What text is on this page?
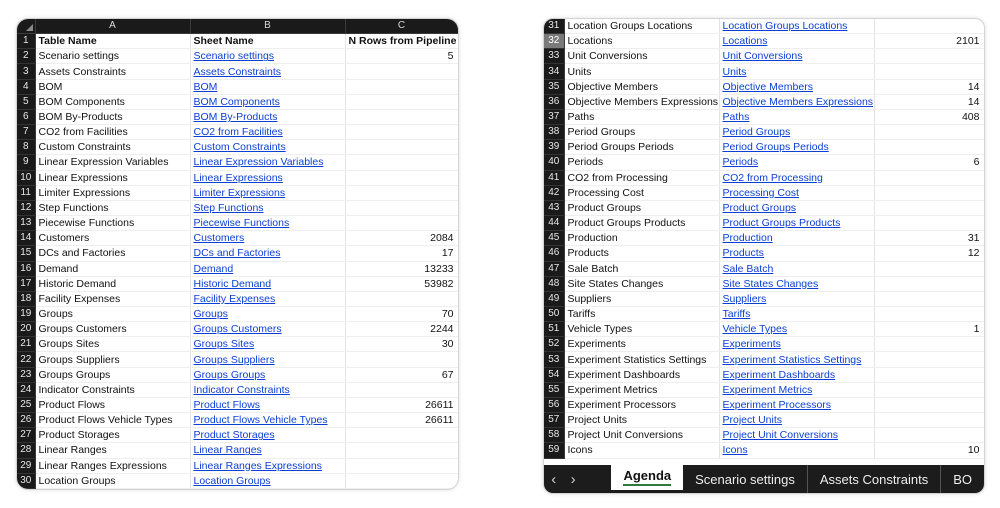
	A	B	C
1	Table Name	Sheet Name	N Rows from Pipeline
2	Scenario settings	Scenario settings	5
3	Assets Constraints	Assets Constraints	
4	BOM	BOM	
5	BOM Components	BOM Components	
6	BOM By-Products	BOM By-Products	
7	CO2 from Facilities	CO2 from Facilities	
8	Custom Constraints	Custom Constraints	
9	Linear Expression Variables	Linear Expression Variables	
10	Linear Expressions	Linear Expressions	
11	Limiter Expressions	Limiter Expressions	
12	Step Functions	Step Functions	
13	Piecewise Functions	Piecewise Functions	
14	Customers	Customers	2084
15	DCs and Factories	DCs and Factories	17
16	Demand	Demand	13233
17	Historic Demand	Historic Demand	53982
18	Facility Expenses	Facility Expenses	
19	Groups	Groups	70
20	Groups Customers	Groups Customers	2244
21	Groups Sites	Groups Sites	30
22	Groups Suppliers	Groups Suppliers	
23	Groups Groups	Groups Groups	67
24	Indicator Constraints	Indicator Constraints	
25	Product Flows	Product Flows	26611
26	Product Flows Vehicle Types	Product Flows Vehicle Types	26611
27	Product Storages	Product Storages	
28	Linear Ranges	Linear Ranges	
29	Linear Ranges Expressions	Linear Ranges Expressions	
30	Location Groups	Location Groups	
31	Location Groups Locations	Location Groups Locations	
32	Locations	Locations	2101
33	Unit Conversions	Unit Conversions	
34	Units	Units	
35	Objective Members	Objective Members	14
36	Objective Members Expressions	Objective Members Expressions	14
37	Paths	Paths	408
38	Period Groups	Period Groups	
39	Period Groups Periods	Period Groups Periods	
40	Periods	Periods	6
41	CO2 from Processing	CO2 from Processing	
42	Processing Cost	Processing Cost	
43	Product Groups	Product Groups	
44	Product Groups Products	Product Groups Products	
45	Production	Production	31
46	Products	Products	12
47	Sale Batch	Sale Batch	
48	Site States Changes	Site States Changes	
49	Suppliers	Suppliers	
50	Tariffs	Tariffs	
51	Vehicle Types	Vehicle Types	1
52	Experiments	Experiments	
53	Experiment Statistics Settings	Experiment Statistics Settings	
54	Experiment Dashboards	Experiment Dashboards	
55	Experiment Metrics	Experiment Metrics	
56	Experiment Processors	Experiment Processors	
57	Project Units	Project Units	
58	Project Unit Conversions	Project Unit Conversions	
59	Icons	Icons	10
‹ ›	Agenda	Scenario settings	Assets Constraints	BO
